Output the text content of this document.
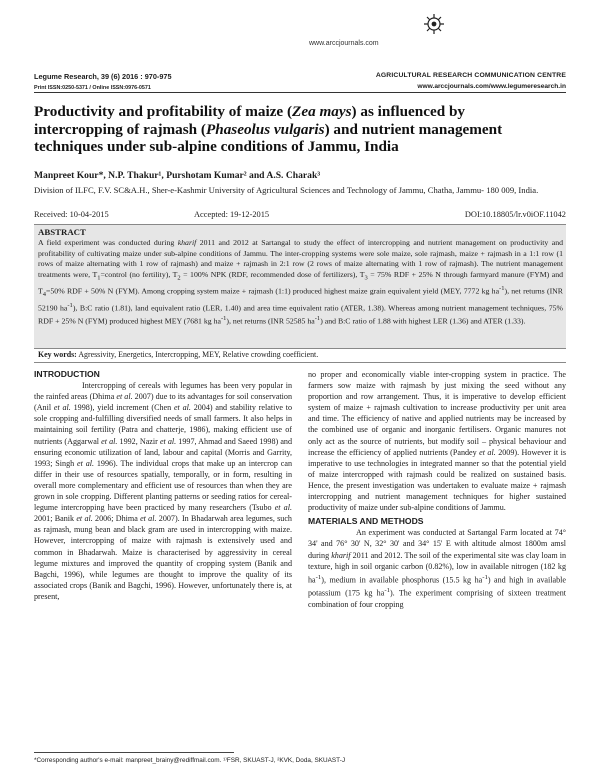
www.arccjournals.com
Legume Research, 39 (6) 2016 : 970-975
Print ISSN:0250-5371 / Online ISSN:0976-0571
AGRICULTURAL RESEARCH COMMUNICATION CENTRE
www.arccjournals.com/www.legumeresearch.in
Productivity and profitability of maize (Zea mays) as influenced by intercropping of rajmash (Phaseolus vulgaris) and nutrient management techniques under sub-alpine conditions of Jammu, India
Manpreet Kour*, N.P. Thakur¹, Purshotam Kumar² and A.S. Charak³
Division of ILFC, F.V. SC&A.H., Sher-e-Kashmir University of Agricultural Sciences and Technology of Jammu, Chatha, Jammu- 180 009, India.
Received: 10-04-2015	Accepted: 19-12-2015	DOI:10.18805/lr.v0iOF.11042
ABSTRACT
A field experiment was conducted during kharif 2011 and 2012 at Sartangal to study the effect of intercropping and nutrient management on productivity and profitability of cultivating maize under sub-alpine conditions of Jammu. The inter-cropping systems were sole maize, sole rajmash, maize + rajmash in a 1:1 row (1 rows of maize alternating with 1 row of rajmash) and maize + rajmash in 2:1 row (2 rows of maize alternating with 1 row of rajmash). The nutrient management treatments were, $T_1=control$ (no fertility), $T_2 = 100\%$ NPK (RDF, recommended dose of fertilizers), $T_3 = 75\%$ RDF + 25% N through farmyard manure (FYM) and $T_4=50\%$ RDF + 50% N (FYM). Among cropping system maize + rajmash (1:1) produced highest maize grain equivalent yield (MEY, 7772 kg $ha^{-1}$), net returns (INR 52190 $ha^{-1}$), B:C ratio (1.81), land equivalent ratio (LER, 1.40) and area time equivalent ratio (ATER, 1.38). Whereas among nutrient management techniques, 75% RDF + 25% N (FYM) produced highest MEY (7681 kg $ha^{-1}$), net returns (INR 52585 $ha^{-1}$) and B:C ratio of 1.88 with highest LER (1.36) and ATER (1.33).
Key words: Agressivity, Energetics, Intercropping, MEY, Relative crowding coefficient.
INTRODUCTION

Intercropping of cereals with legumes has been very popular in the rainfed areas (Dhima et al. 2007) due to its advantages for soil conservation (Anil et al. 1998), yield increment (Chen et al. 2004) and stability relative to sole cropping and-fulfilling diversified needs of small farmers. It also helps in maintaining soil fertility (Patra and chatterje, 1986), making efficient use of nutrients (Aggarwal et al. 1992, Nazir et al. 1997, Ahmad and Saeed 1998) and ensuring economic utilization of land, labour and capital (Morris and Garrity, 1993; Singh et al. 1996). The individual crops that make up an intercrop can differ in their use of resources spatially, temporally, or in form, resulting in overall more complementary and efficient use of resources than when they are grown in sole cropping. Different planting patterns or seeding ratios for cereal-legume intercropping have been practiced by many researchers (Tsubo et al. 2001; Banik et al. 2006; Dhima et al. 2007). In Bhadarwah area legumes, such as rajmash, mung bean and black gram are used in intercropping with maize. However, intercropping of maize with rajmash is extensively used and common in Bhadarwah. Maize is characterised by aggressivity in cereal legume mixtures and improved the quantity of cropping system (Banik and Bagchi, 1996), while legumes are thought to improve the quality of its associated crops (Banik and Bagchi, 1996). However, unfortunately there is, at present,

no proper and economically viable inter-cropping system in practice. The farmers sow maize with rajmash by just mixing the seed without any proportion and row arrangement. Thus, it is imperative to develop efficient system of maize + rajmash cultivation to increase productivity per unit area and time. The efficiency of native and applied nutrients may be increased by the combined use of organic and inorganic fertilisers. Organic manures not only act as the source of nutrients, but modify soil – physical behaviour and increase the efficiency of applied nutrients (Pandey et al. 2009). However it is imperative to use technologies in integrated manner so that the potential yield of maize intercropped with rajmash could be realized on sustained basis. Hence, the present investigation was undertaken to evaluate maize + rajmash intercropping and nutrient management techniques for higher sustained productivity of maize under sub-alpine conditions of Jammu.

MATERIALS AND METHODS

An experiment was conducted at Sartangal Farm located at 74° 34' and 76° 30' N, 32° 30' and 34° 15' E with altitude almost 1800m amsl during kharif 2011 and 2012. The soil of the experimental site was clay loam in texture, high in soil organic carbon (0.82%), low in available nitrogen (182 kg $ha^{-1}$), medium in available phosphorus (15.5 kg $ha^{-1}$) and high in available potassium (175 kg $ha^{-1}$). The experiment comprising of sixteen treatment combination of four cropping

*Corresponding author's e-mail: manpreet_brainy@rediffmail.com. ¹⁾FSR, SKUAST-J, ²KVK, Doda, SKUAST-J
